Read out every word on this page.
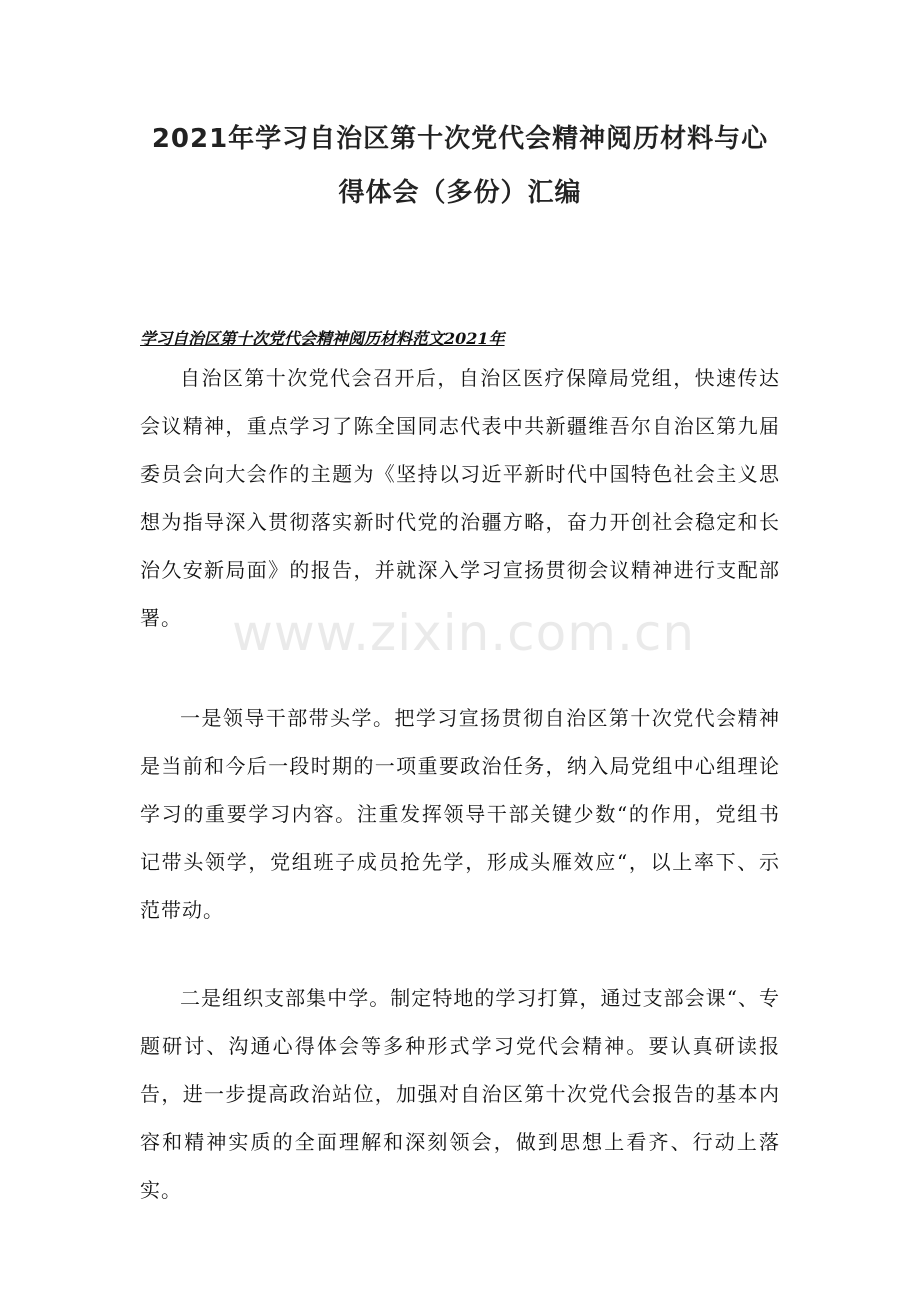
2021年学习自治区第十次党代会精神阅历材料与心
得体会（多份）汇编
学习自治区第十次党代会精神阅历材料范文2021年

自治区第十次党代会召开后，自治区医疗保障局党组，快速传达会议精神，重点学习了陈全国同志代表中共新疆维吾尔自治区第九届委员会向大会作的主题为《坚持以习近平新时代中国特色社会主义思想为指导深入贯彻落实新时代党的治疆方略，奋力开创社会稳定和长治久安新局面》的报告，并就深入学习宣扬贯彻会议精神进行支配部署。	www.zixin.com.cn

一是领导干部带头学。把学习宣扬贯彻自治区第十次党代会精神是当前和今后一段时期的一项重要政治任务，纳入局党组中心组理论学习的重要学习内容。注重发挥领导干部关键少数“的作用，党组书记带头领学，党组班子成员抢先学，形成头雁效应“，以上率下、示范带动。

二是组织支部集中学。制定特地的学习打算，通过支部会课“、专题研讨、沟通心得体会等多种形式学习党代会精神。要认真研读报告，进一步提高政治站位，加强对自治区第十次党代会报告的基本内容和精神实质的全面理解和深刻领会，做到思想上看齐、行动上落实。
